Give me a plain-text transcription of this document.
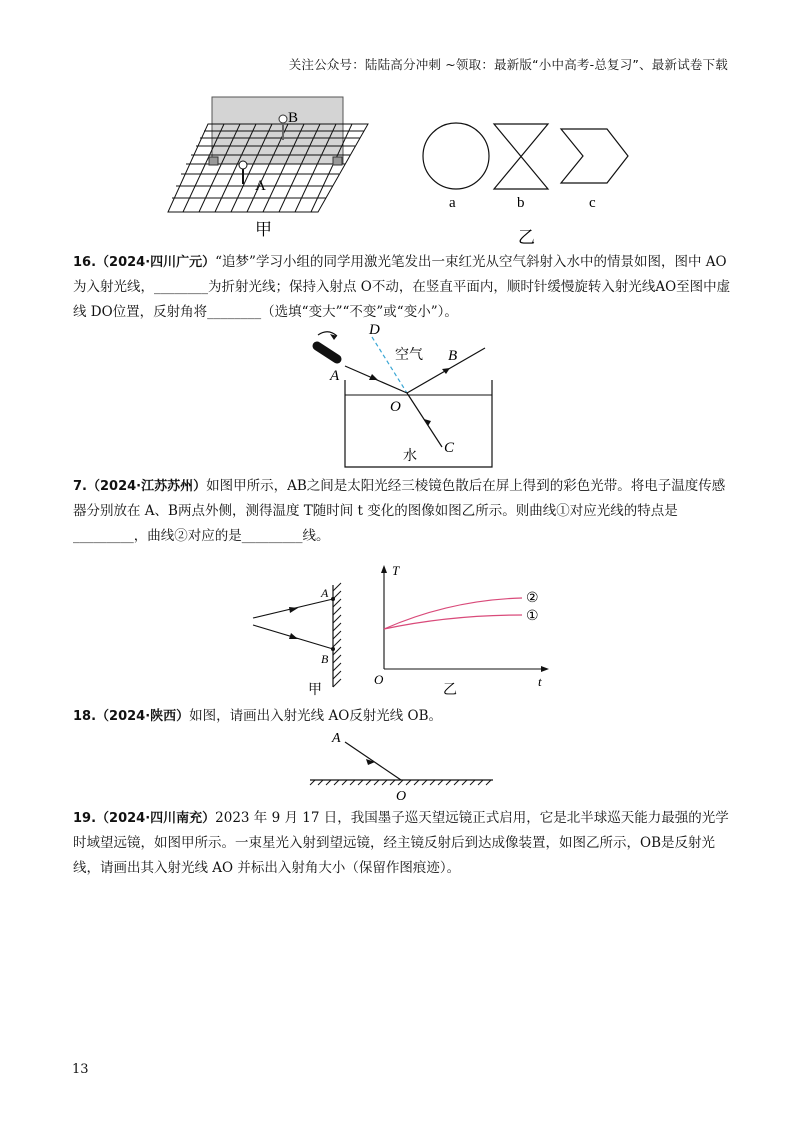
关注公众号：陆陆高分冲刺 ~领取：最新版“小中高考-总复习”、最新试卷下载
B
A
甲
a	b	c
乙
16.（2024·四川广元）“追梦”学习小组的同学用激光笔发出一束红光从空气斜射入水中的情景如图，图中 AO为入射光线，________为折射光线；保持入射点 O不动，在竖直平面内，顺时针缓慢旋转入射光线AO至图中虚线 DO位置，反射角将________（选填“变大”“不变”或“变小”）。
D
A
B
O
C
空气
水
7.（2024·江苏苏州）如图甲所示，AB之间是太阳光经三棱镜色散后在屏上得到的彩色光带。将电子温度传感器分别放在 A、B两点外侧，测得温度 T随时间 t 变化的图像如图乙所示。则曲线①对应光线的特点是_________，曲线②对应的是_________线。
A
B
甲
T
O	t
乙
②
①
18.（2024·陕西）如图，请画出入射光线 AO反射光线 OB。
A
O
19.（2024·四川南充）2023 年 9 月 17 日，我国墨子巡天望远镜正式启用，它是北半球巡天能力最强的光学时域望远镜，如图甲所示。一束星光入射到望远镜，经主镜反射后到达成像装置，如图乙所示，OB是反射光线，请画出其入射光线 AO 并标出入射角大小（保留作图痕迹）。
13
